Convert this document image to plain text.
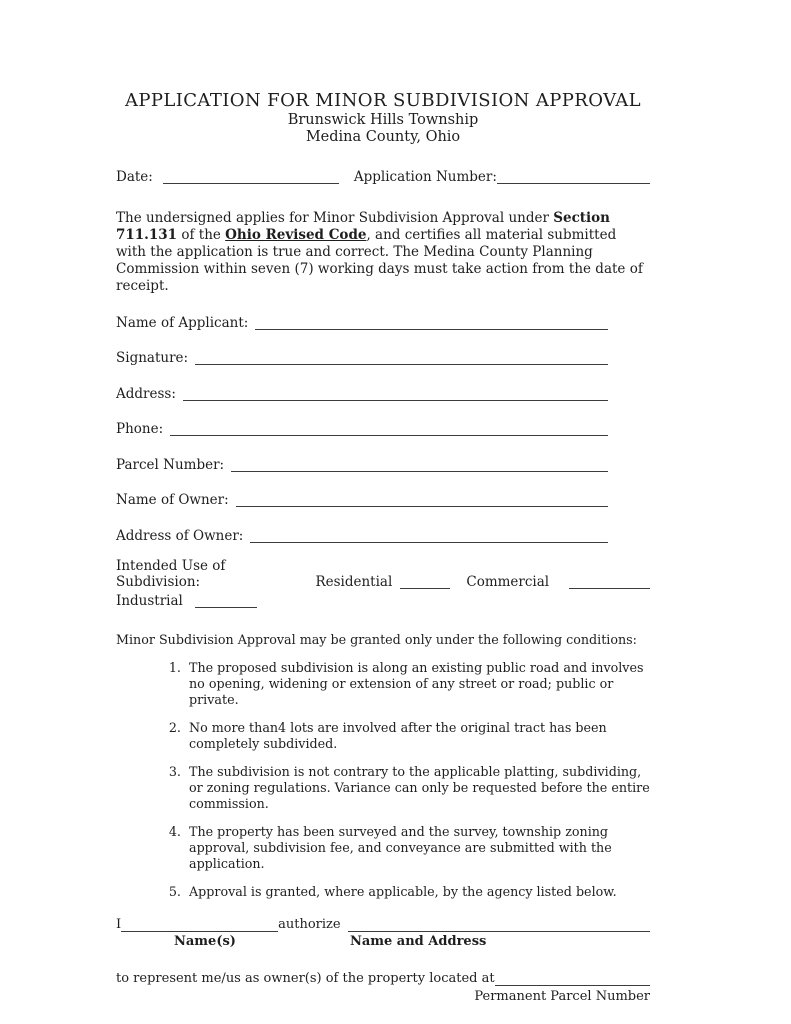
APPLICATION FOR MINOR SUBDIVISION APPROVAL
Brunswick Hills Township
Medina County, Ohio
Date:	Application Number:

The undersigned applies for Minor Subdivision Approval under Section 711.131 of the Ohio Revised Code, and certifies all material submitted with the application is true and correct. The Medina County Planning Commission within seven (7) working days must take action from the date of receipt.

Name of Applicant:
Signature:
Address:
Phone:
Parcel Number:
Name of Owner:
Address of Owner:
Intended Use of Subdivision:	Residential	Commercial
Industrial
Minor Subdivision Approval may be granted only under the following conditions:
1. The proposed subdivision is along an existing public road and involves no opening, widening or extension of any street or road; public or private.
2. No more than4 lots are involved after the original tract has been completely subdivided.
3. The subdivision is not contrary to the applicable platting, subdividing, or zoning regulations. Variance can only be requested before the entire commission.
4. The property has been surveyed and the survey, township zoning approval, subdivision fee, and conveyance are submitted with the application.
5. Approval is granted, where applicable, by the agency listed below.
I	authorize
Name(s)	Name and Address
to represent me/us as owner(s) of the property located at
Permanent Parcel Number
